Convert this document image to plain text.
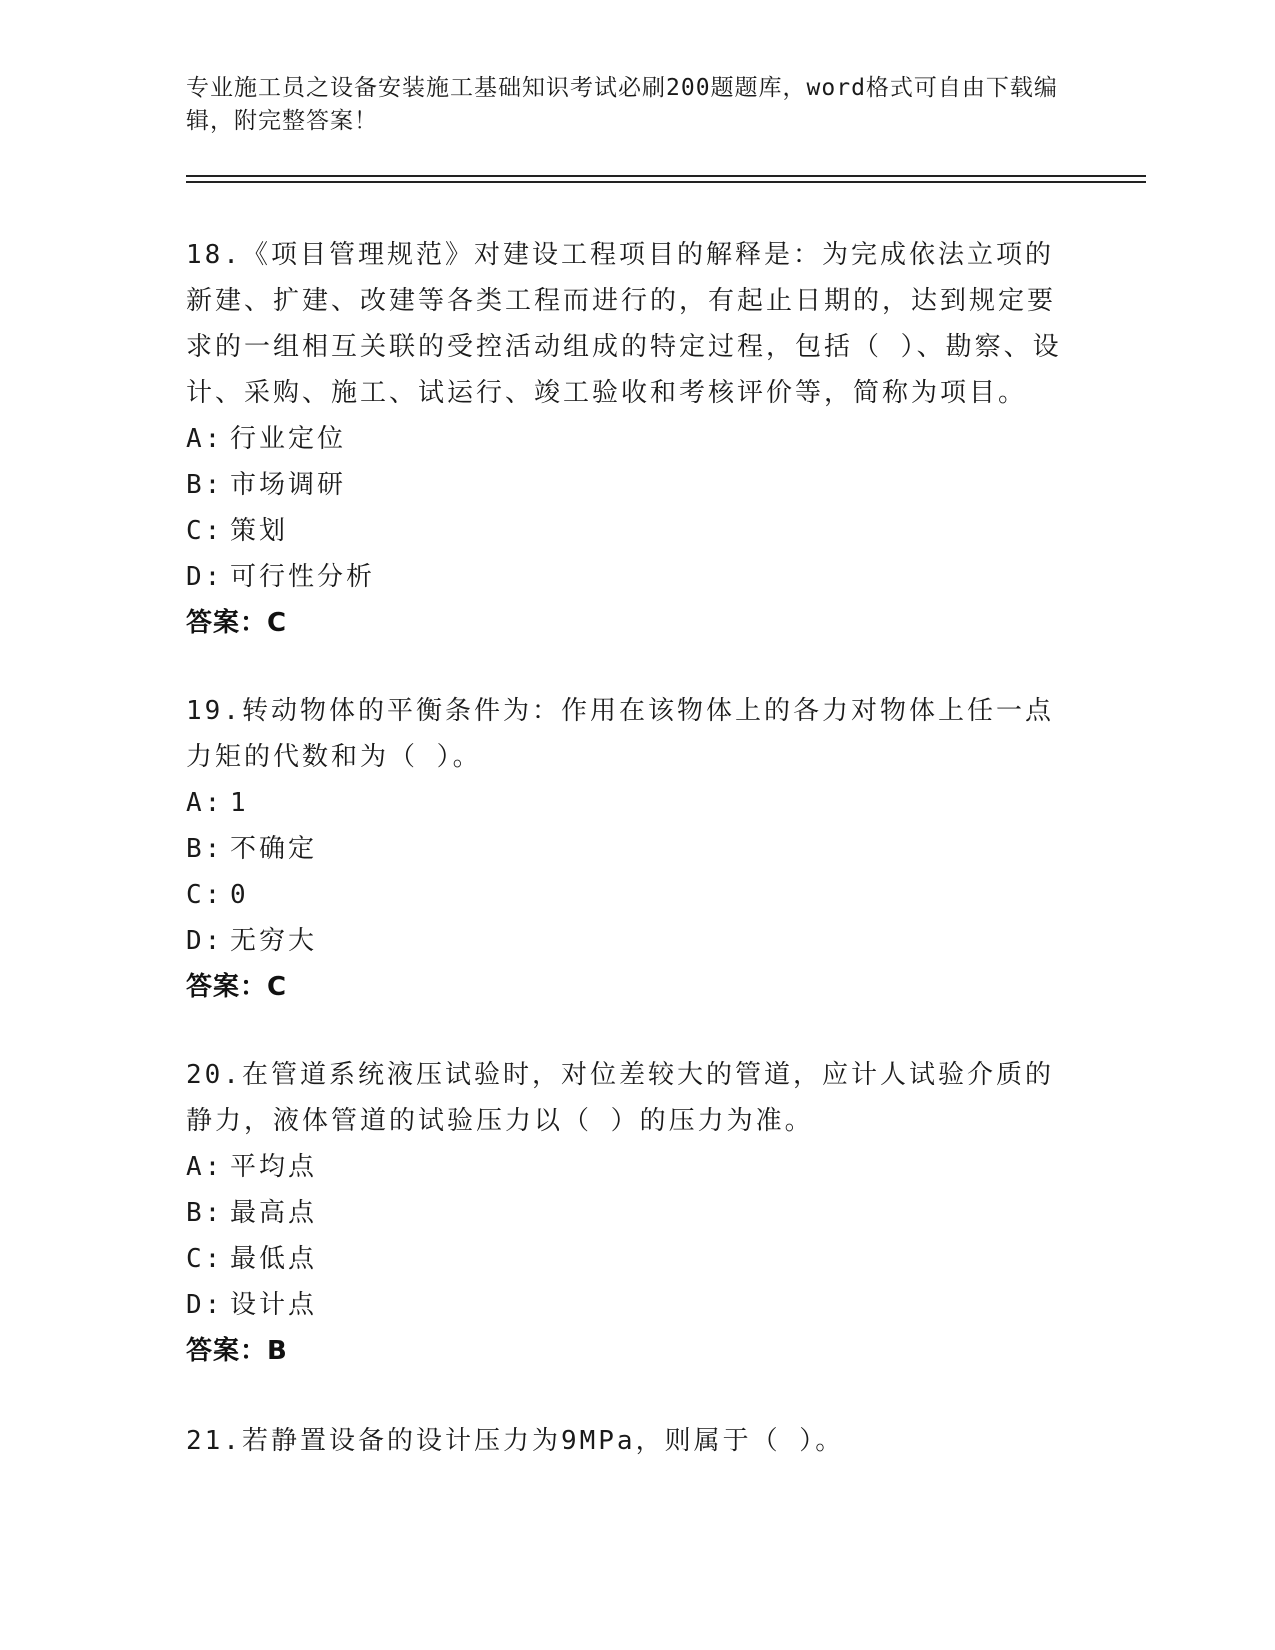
专业施工员之设备安装施工基础知识考试必刷200题题库，word格式可自由下载编辑，附完整答案！

18.《项目管理规范》对建设工程项目的解释是：为完成依法立项的新建、扩建、改建等各类工程而进行的，有起止日期的，达到规定要求的一组相互关联的受控活动组成的特定过程，包括（ ）、勘察、设计、采购、施工、试运行、竣工验收和考核评价等，简称为项目。

A: 行业定位
B: 市场调研
C: 策划
D: 可行性分析
答案：C

19.转动物体的平衡条件为：作用在该物体上的各力对物体上任一点力矩的代数和为（ ）。

A: 1
B: 不确定
C: 0
D: 无穷大
答案：C

20.在管道系统液压试验时，对位差较大的管道，应计人试验介质的静力，液体管道的试验压力以（ ）的压力为准。

A: 平均点
B: 最高点
C: 最低点
D: 设计点
答案：B

21.若静置设备的设计压力为9MPa，则属于（ ）。
